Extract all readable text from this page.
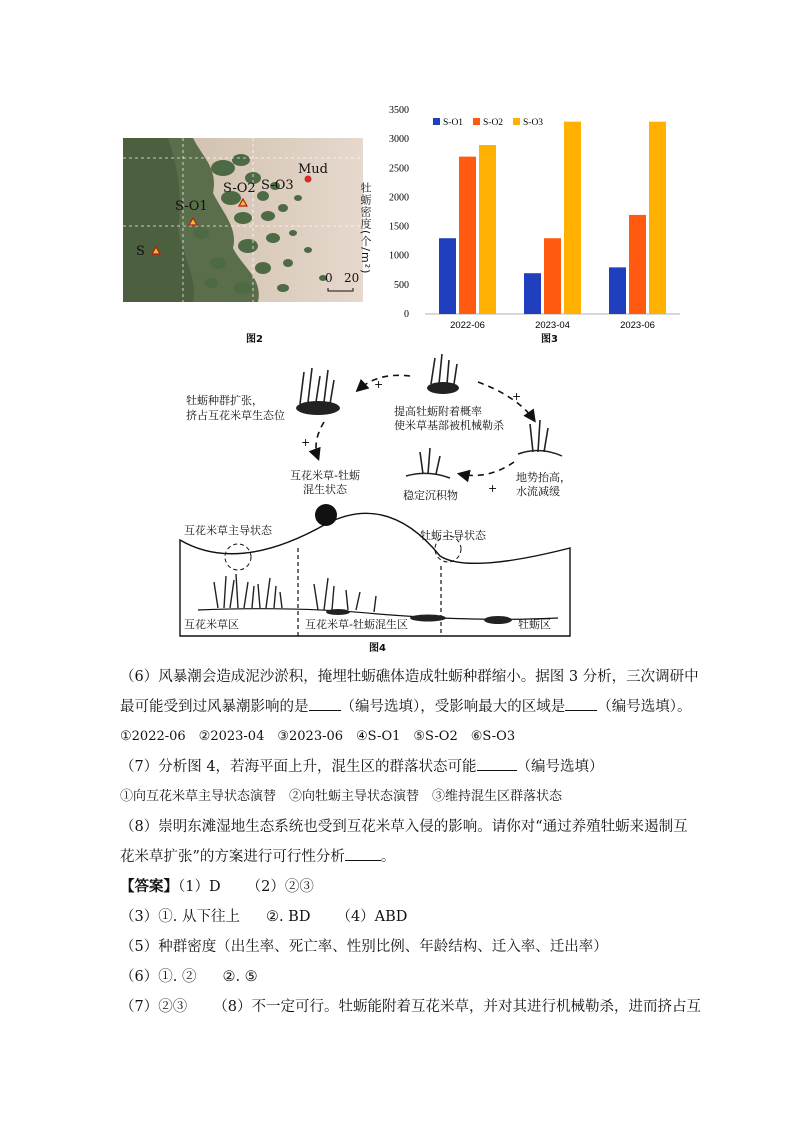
Mud
S
S-O1
S-O2 S-O3
0 20
图2
牡蛎密度(个/m²)
0
500
1000
1500
2000
2500
3000
3500
2022-06	2023-04	2023-06
S-O1 S-O2 S-O3
图3
+
+
+
+
牡蛎种群扩张，
挤占互花米草生态位	提高牡蛎附着概率
使米草基部被机械勒杀
地势抬高，
水流减缓
稳定沉积物
互花米草-牡蛎
混生状态
互花米草主导状态	牡蛎主导状态
互花米草区	互花米草-牡蛎混生区	牡蛎区
图4

（6）风暴潮会造成泥沙淤积，掩埋牡蛎礁体造成牡蛎种群缩小。据图 3 分析，三次调研中

最可能受到过风暴潮影响的是 （编号选填），受影响最大的区域是 （编号选填）。

①2022-06　②2023-04　③2023-06　④S-O1　⑤S-O2　⑥S-O3

（7）分析图 4，若海平面上升，混生区的群落状态可能	（编号选填）

①向互花米草主导状态演替　②向牡蛎主导状态演替　③维持混生区群落状态

（8）崇明东滩湿地生态系统也受到互花米草入侵的影响。请你对“通过养殖牡蛎来遏制互

花米草扩张”的方案进行可行性分析 。

【答案】（1）D （2）②③

（3）①. 从下往上 ②. BD （4）ABD

（5）种群密度（出生率、死亡率、性别比例、年龄结构、迁入率、迁出率）

（6）①. ② ②. ⑤

（7）②③ （8）不一定可行。牡蛎能附着互花米草，并对其进行机械勒杀，进而挤占互
